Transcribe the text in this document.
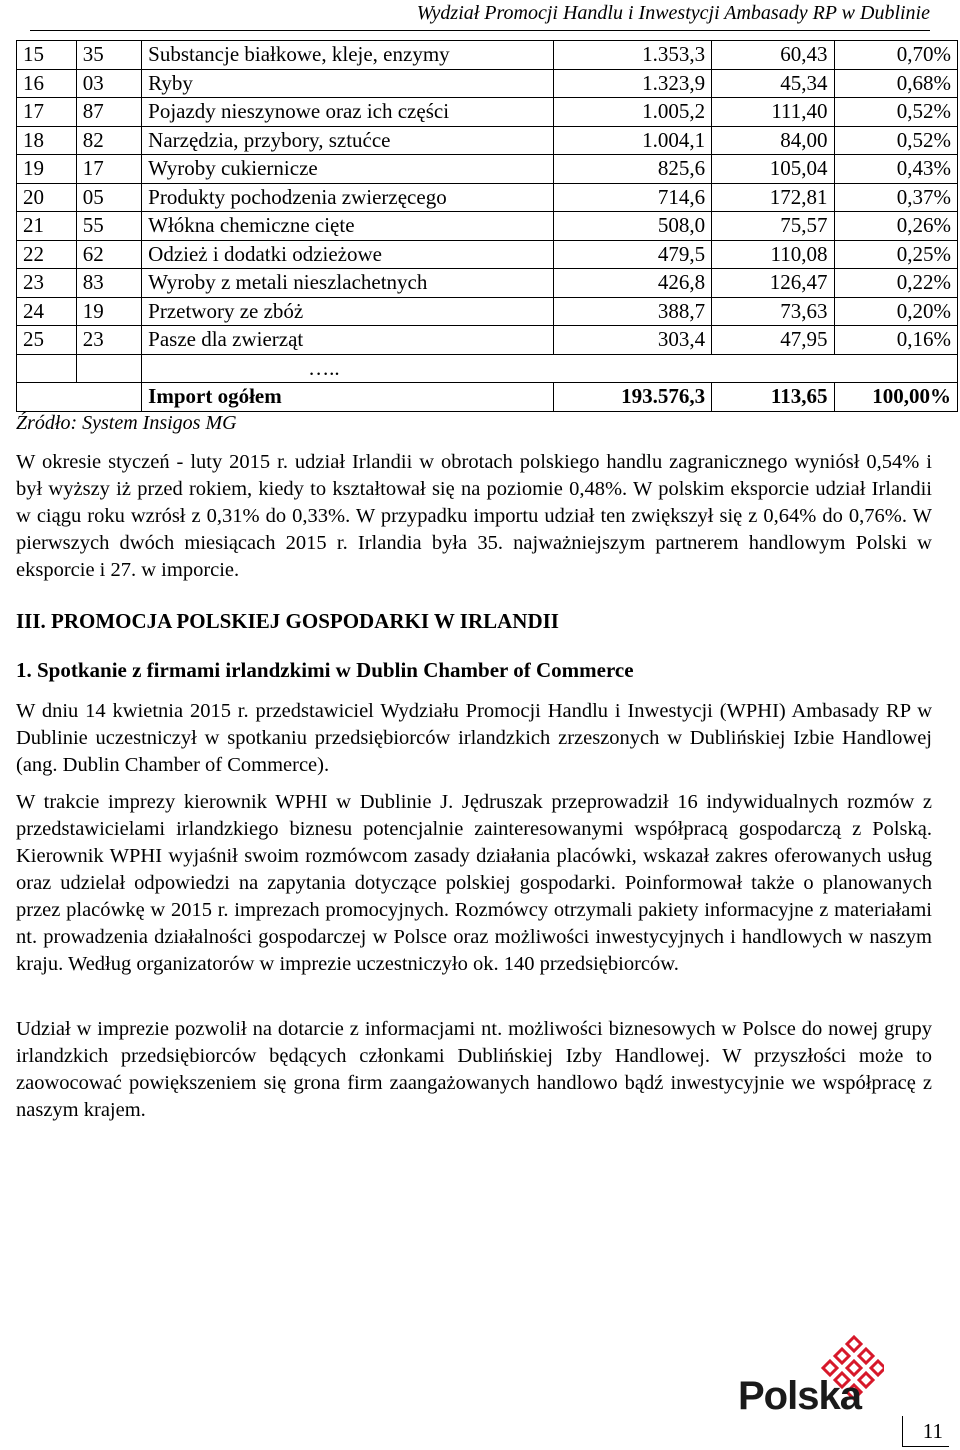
Wydział Promocji Handlu i Inwestycji Ambasady RP w Dublinie
15	35	Substancje białkowe, kleje, enzymy	1.353,3	60,43	0,70%
16	03	Ryby	1.323,9	45,34	0,68%
17	87	Pojazdy nieszynowe oraz ich części	1.005,2	111,40	0,52%
18	82	Narzędzia, przybory, sztućce	1.004,1	84,00	0,52%
19	17	Wyroby cukiernicze	825,6	105,04	0,43%
20	05	Produkty pochodzenia zwierzęcego	714,6	172,81	0,37%
21	55	Włókna chemiczne cięte	508,0	75,57	0,26%
22	62	Odzież i dodatki odzieżowe	479,5	110,08	0,25%
23	83	Wyroby z metali nieszlachetnych	426,8	126,47	0,22%
24	19	Przetwory ze zbóż	388,7	73,63	0,20%
25	23	Pasze dla zwierząt	303,4	47,95	0,16%
		…..			
		Import ogółem	193.576,3	113,65	100,00%
Źródło: System Insigos MG
W okresie styczeń - luty 2015 r. udział Irlandii w obrotach polskiego handlu zagranicznego wyniósł 0,54% i był wyższy iż przed rokiem, kiedy to kształtował się na poziomie 0,48%. W polskim eksporcie udział Irlandii w ciągu roku wzrósł z 0,31% do 0,33%. W przypadku importu udział ten zwiększył się z 0,64% do 0,76%. W pierwszych dwóch miesiącach 2015 r. Irlandia była 35. najważniejszym partnerem handlowym Polski w eksporcie i 27. w imporcie.
III. PROMOCJA POLSKIEJ GOSPODARKI W IRLANDII
1. Spotkanie z firmami irlandzkimi w Dublin Chamber of Commerce
W dniu 14 kwietnia 2015 r. przedstawiciel Wydziału Promocji Handlu i Inwestycji (WPHI) Ambasady RP w Dublinie uczestniczył w spotkaniu przedsiębiorców irlandzkich zrzeszonych w Dublińskiej Izbie Handlowej (ang. Dublin Chamber of Commerce).
W trakcie imprezy kierownik WPHI w Dublinie J. Jędruszak przeprowadził 16 indywidualnych rozmów z przedstawicielami irlandzkiego biznesu potencjalnie zainteresowanymi współpracą gospodarczą z Polską. Kierownik WPHI wyjaśnił swoim rozmówcom zasady działania placówki, wskazał zakres oferowanych usług oraz udzielał odpowiedzi na zapytania dotyczące polskiej gospodarki. Poinformował także o planowanych przez placówkę w 2015 r. imprezach promocyjnych. Rozmówcy otrzymali pakiety informacyjne z materiałami nt. prowadzenia działalności gospodarczej w Polsce oraz możliwości inwestycyjnych i handlowych w naszym kraju. Według organizatorów w imprezie uczestniczyło ok. 140 przedsiębiorców.
Udział w imprezie pozwolił na dotarcie z informacjami nt. możliwości biznesowych w Polsce do nowej grupy irlandzkich przedsiębiorców będących członkami Dublińskiej Izby Handlowej. W przyszłości może to zaowocować powiększeniem się grona firm zaangażowanych handlowo bądź inwestycyjnie we współpracę z naszym krajem.
Polska
11
